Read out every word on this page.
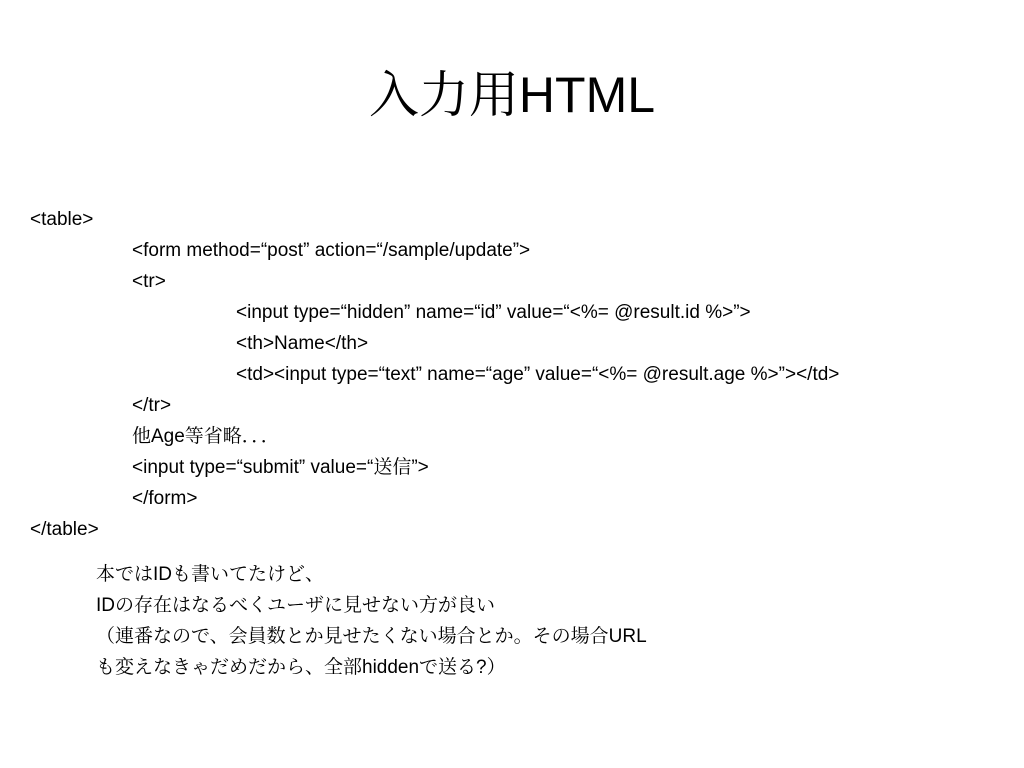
入力用HTML
<table>
<form method=“post” action=“/sample/update”>
<tr>
<input type=“hidden” name=“id” value=“<%= @result.id %>”>
<th>Name</th>
<td><input type=“text” name=“age” value=“<%= @result.age %>”></td>
</tr>
他Age等省略．．．
<input type=“submit” value=“送信”>
</form>
</table>
本ではIDも書いてたけど、
IDの存在はなるべくユーザに見せない方が良い
（連番なので、会員数とか見せたくない場合とか。その場合URL
も変えなきゃだめだから、全部hiddenで送る?）
